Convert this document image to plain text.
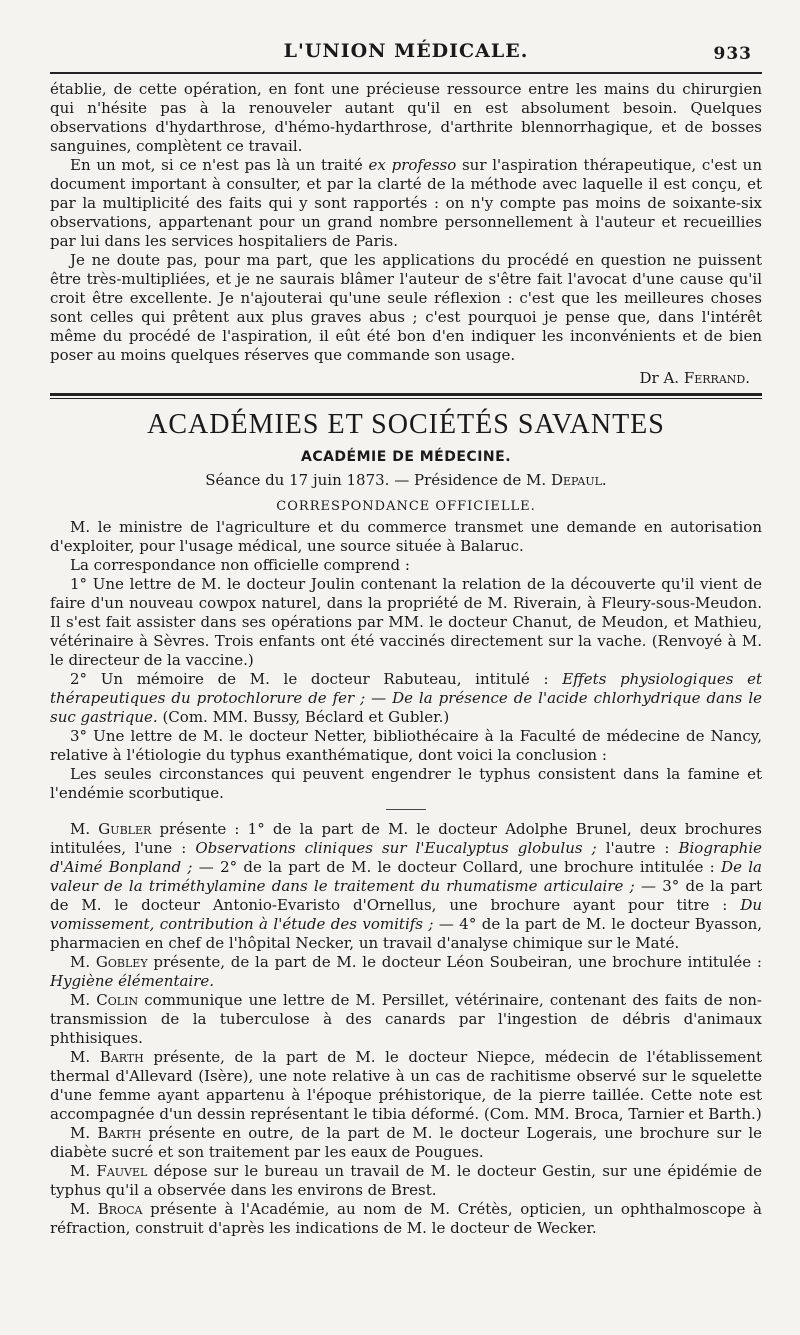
L'UNION MÉDICALE.	933

établie, de cette opération, en font une précieuse ressource entre les mains du chirurgien qui n'hésite pas à la renouveler autant qu'il en est absolument besoin. Quelques observations d'hydarthrose, d'hémo-hydarthrose, d'arthrite blennorrhagique, et de bosses sanguines, complètent ce travail.

En un mot, si ce n'est pas là un traité ex professo sur l'aspiration thérapeutique, c'est un document important à consulter, et par la clarté de la méthode avec laquelle il est conçu, et par la multiplicité des faits qui y sont rapportés : on n'y compte pas moins de soixante-six observations, appartenant pour un grand nombre personnellement à l'auteur et recueillies par lui dans les services hospitaliers de Paris.

Je ne doute pas, pour ma part, que les applications du procédé en question ne puissent être très-multipliées, et je ne saurais blâmer l'auteur de s'être fait l'avocat d'une cause qu'il croit être excellente. Je n'ajouterai qu'une seule réflexion : c'est que les meilleures choses sont celles qui prêtent aux plus graves abus ; c'est pourquoi je pense que, dans l'intérêt même du procédé de l'aspiration, il eût été bon d'en indiquer les inconvénients et de bien poser au moins quelques réserves que commande son usage.

Dr A. Ferrand.
ACADÉMIES ET SOCIÉTÉS SAVANTES
ACADÉMIE DE MÉDECINE.
Séance du 17 juin 1873. — Présidence de M. Depaul.
CORRESPONDANCE OFFICIELLE.

M. le ministre de l'agriculture et du commerce transmet une demande en autorisation d'exploiter, pour l'usage médical, une source située à Balaruc.

La correspondance non officielle comprend :

1° Une lettre de M. le docteur Joulin contenant la relation de la découverte qu'il vient de faire d'un nouveau cowpox naturel, dans la propriété de M. Riverain, à Fleury-sous-Meudon. Il s'est fait assister dans ses opérations par MM. le docteur Chanut, de Meudon, et Mathieu, vétérinaire à Sèvres. Trois enfants ont été vaccinés directement sur la vache. (Renvoyé à M. le directeur de la vaccine.)

2° Un mémoire de M. le docteur Rabuteau, intitulé : Effets physiologiques et thérapeutiques du protochlorure de fer ; — De la présence de l'acide chlorhydrique dans le suc gastrique. (Com. MM. Bussy, Béclard et Gubler.)

3° Une lettre de M. le docteur Netter, bibliothécaire à la Faculté de médecine de Nancy, relative à l'étiologie du typhus exanthématique, dont voici la conclusion :

Les seules circonstances qui peuvent engendrer le typhus consistent dans la famine et l'endémie scorbutique.

M. Gubler présente : 1° de la part de M. le docteur Adolphe Brunel, deux brochures intitulées, l'une : Observations cliniques sur l'Eucalyptus globulus ; l'autre : Biographie d'Aimé Bonpland ; — 2° de la part de M. le docteur Collard, une brochure intitulée : De la valeur de la triméthylamine dans le traitement du rhumatisme articulaire ; — 3° de la part de M. le docteur Antonio-Evaristo d'Ornellus, une brochure ayant pour titre : Du vomissement, contribution à l'étude des vomitifs ; — 4° de la part de M. le docteur Byasson, pharmacien en chef de l'hôpital Necker, un travail d'analyse chimique sur le Maté.

M. Gobley présente, de la part de M. le docteur Léon Soubeiran, une brochure intitulée : Hygiène élémentaire.

M. Colin communique une lettre de M. Persillet, vétérinaire, contenant des faits de non-transmission de la tuberculose à des canards par l'ingestion de débris d'animaux phthisiques.

M. Barth présente, de la part de M. le docteur Niepce, médecin de l'établissement thermal d'Allevard (Isère), une note relative à un cas de rachitisme observé sur le squelette d'une femme ayant appartenu à l'époque préhistorique, de la pierre taillée. Cette note est accompagnée d'un dessin représentant le tibia déformé. (Com. MM. Broca, Tarnier et Barth.)

M. Barth présente en outre, de la part de M. le docteur Logerais, une brochure sur le diabète sucré et son traitement par les eaux de Pougues.

M. Fauvel dépose sur le bureau un travail de M. le docteur Gestin, sur une épidémie de typhus qu'il a observée dans les environs de Brest.

M. Broca présente à l'Académie, au nom de M. Crétès, opticien, un ophthalmoscope à réfraction, construit d'après les indications de M. le docteur de Wecker.
